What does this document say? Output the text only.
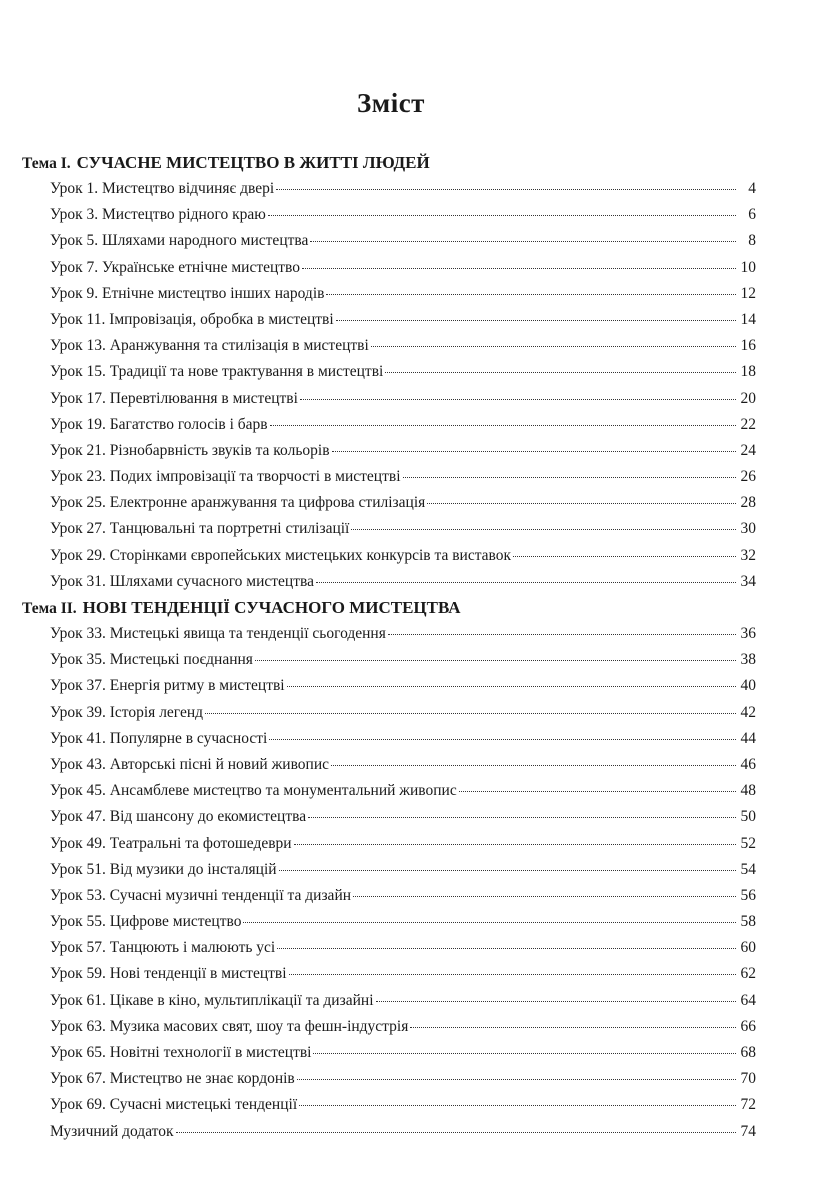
Зміст
Тема І. СУЧАСНЕ МИСТЕЦТВО В ЖИТТІ ЛЮДЕЙ
Урок 1. Мистецтво відчиняє двері	4
Урок 3. Мистецтво рідного краю	6
Урок 5. Шляхами народного мистецтва	8
Урок 7. Українське етнічне мистецтво	10
Урок 9. Етнічне мистецтво інших народів	12
Урок 11. Імпровізація, обробка в мистецтві	14
Урок 13. Аранжування та стилізація в мистецтві	16
Урок 15. Традиції та нове трактування в мистецтві	18
Урок 17. Перевтілювання в мистецтві	20
Урок 19. Багатство голосів і барв	22
Урок 21. Різнобарвність звуків та кольорів	24
Урок 23. Подих імпровізації та творчості в мистецтві	26
Урок 25. Електронне аранжування та цифрова стилізація	28
Урок 27. Танцювальні та портретні стилізації	30
Урок 29. Сторінками європейських мистецьких конкурсів та виставок	32
Урок 31. Шляхами сучасного мистецтва	34
Тема ІІ. НОВІ ТЕНДЕНЦІЇ СУЧАСНОГО МИСТЕЦТВА
Урок 33. Мистецькі явища та тенденції сьогодення	36
Урок 35. Мистецькі поєднання	38
Урок 37. Енергія ритму в мистецтві	40
Урок 39. Історія легенд	42
Урок 41. Популярне в сучасності	44
Урок 43. Авторські пісні й новий живопис	46
Урок 45. Ансамблеве мистецтво та монументальний живопис	48
Урок 47. Від шансону до екомистецтва	50
Урок 49. Театральні та фотошедеври	52
Урок 51. Від музики до інсталяцій	54
Урок 53. Сучасні музичні тенденції та дизайн	56
Урок 55. Цифрове мистецтво	58
Урок 57. Танцюють і малюють усі	60
Урок 59. Нові тенденції в мистецтві	62
Урок 61. Цікаве в кіно, мультиплікації та дизайні	64
Урок 63. Музика масових свят, шоу та фешн-індустрія	66
Урок 65. Новітні технології в мистецтві	68
Урок 67. Мистецтво не знає кордонів	70
Урок 69. Сучасні мистецькі тенденції	72
Музичний додаток	74
